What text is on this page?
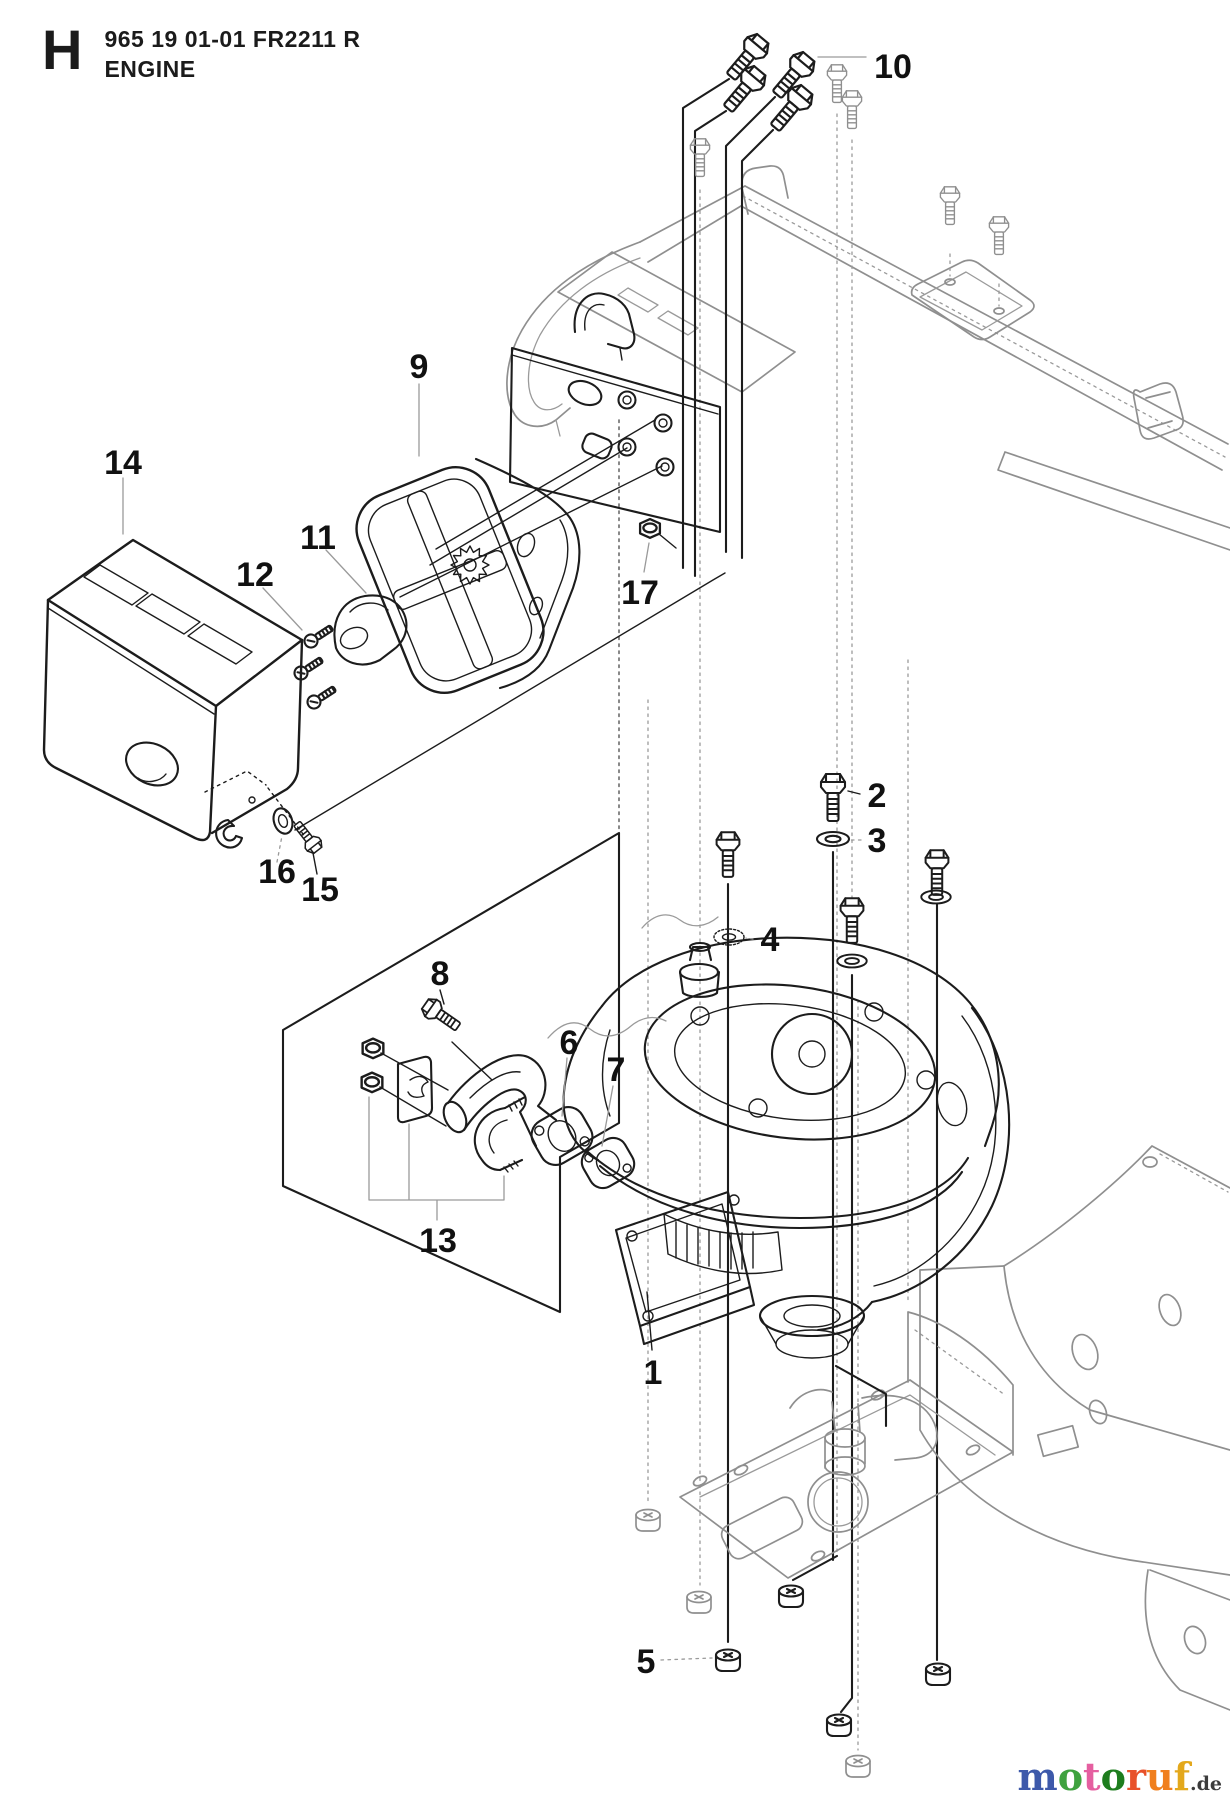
H 965 19 01-01 FR2211 R
ENGINE
1
2
3
4
5
6
7
8
9
10
11
12
13
14
15
16
17
motoruf.de
